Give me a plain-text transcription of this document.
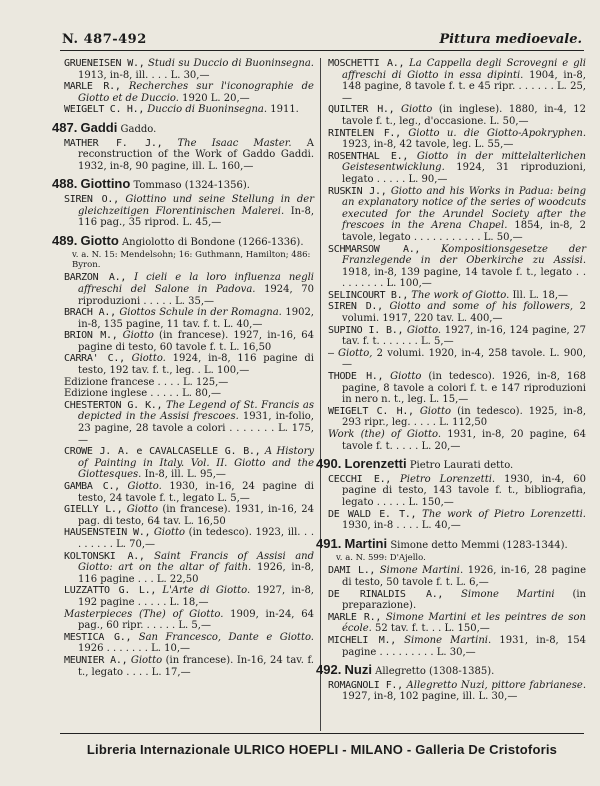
N. 487-492	Pittura medioevale.
GRUENEISEN W., Studi su Duccio di Buoninsegna. 1913, in-8, ill. . . . L. 30,—
MARLE R., Recherches sur l'iconographie de Giotto et de Duccio. 1920 L. 20,—
WEIGELT C. H., Duccio di Buoninsegna. 1911.
487. Gaddi Gaddo.
MATHER F. J., The Isaac Master. A reconstruction of the Work of Gaddo Gaddi. 1932, in-8, 90 pagine, ill. L. 160,—
488. Giottino Tommaso (1324-1356).
SIREN O., Giottino und seine Stellung in der gleichzeitigen Florentinischen Malerei. In-8, 116 pag., 35 riprod. L. 45,—
489. Giotto Angiolotto di Bondone (1266-1336).
v. a. N. 15: Mendelsohn; 16: Guthmann, Hamilton; 486: Byron.
BARZON A., I cieli e la loro influenza negli affreschi del Salone in Padova. 1924, 70 riproduzioni . . . . . L. 35,—
BRACH A., Giottos Schule in der Romagna. 1902, in-8, 135 pagine, 11 tav. f. t. L. 40,—
BRION M., Giotto (in francese). 1927, in-16, 64 pagine di testo, 60 tavole f. t. L. 16,50
CARRA' C., Giotto. 1924, in-8, 116 pagine di testo, 192 tav. f. t., leg. . L. 100,—
Edizione francese . . . . L. 125,—
Edizione inglese . . . . . L. 80,—
CHESTERTON G. K., The Legend of St. Francis as depicted in the Assisi frescoes. 1931, in-folio, 23 pagine, 28 tavole a colori . . . . . . . L. 175,—
CROWE J. A. e CAVALCASELLE G. B., A History of Painting in Italy. Vol. II. Giotto and the Giottesques. In-8, ill. L. 95,—
GAMBA C., Giotto. 1930, in-16, 24 pagine di testo, 24 tavole f. t., legato L. 5,—
GIELLY L., Giotto (in francese). 1931, in-16, 24 pag. di testo, 64 tav. L. 16,50
HAUSENSTEIN W., Giotto (in tedesco). 1923, ill. . . . . . . . . L. 70,—
KOLTONSKI A., Saint Francis of Assisi and Giotto: art on the altar of faith. 1926, in-8, 116 pagine . . . L. 22,50
LUZZATTO G. L., L'Arte di Giotto. 1927, in-8, 192 pagine . . . . . L. 18,—
Masterpieces (The) of Giotto. 1909, in-24, 64 pag., 60 ripr. . . . . . L. 5,—
MESTICA G., San Francesco, Dante e Giotto. 1926 . . . . . . . L. 10,—
MEUNIER A., Giotto (in francese). In-16, 24 tav. f. t., legato . . . . L. 17,—
MOSCHETTI A., La Cappella degli Scrovegni e gli affreschi di Giotto in essa dipinti. 1904, in-8, 148 pagine, 8 tavole f. t. e 45 ripr. . . . . . . L. 25,—
QUILTER H., Giotto (in inglese). 1880, in-4, 12 tavole f. t., leg., d'occasione. L. 50,—
RINTELEN F., Giotto u. die Giotto-Apokryphen. 1923, in-8, 42 tavole, leg. L. 55,—
ROSENTHAL E., Giotto in der mittelalterlichen Geistesentwicklung. 1924, 31 riproduzioni, legato . . . . . L. 90,—
RUSKIN J., Giotto and his Works in Padua: being an explanatory notice of the series of woodcuts executed for the Arundel Society after the frescoes in the Arena Chapel. 1854, in-8, 2 tavole, legato . . . . . . . . . . . L. 50,—
SCHMARSOW A., Kompositionsgesetze der Franzlegende in der Oberkirche zu Assisi. 1918, in-8, 139 pagine, 14 tavole f. t., legato . . . . . . . . . L. 100,—
SELINCOURT B., The work of Giotto. Ill. L. 18,—
SIREN D., Giotto and some of his followers, 2 volumi. 1917, 220 tav. L. 400,—
SUPINO I. B., Giotto. 1927, in-16, 124 pagine, 27 tav. f. t. . . . . . . L. 5,—
— Giotto, 2 volumi. 1920, in-4, 258 tavole. L. 900,—
THODE H., Giotto (in tedesco). 1926, in-8, 168 pagine, 8 tavole a colori f. t. e 147 riproduzioni in nero n. t., leg. L. 15,—
WEIGELT C. H., Giotto (in tedesco). 1925, in-8, 293 ripr., leg. . . . . L. 112,50
Work (the) of Giotto. 1931, in-8, 20 pagine, 64 tavole f. t. . . . . L. 20,—
490. Lorenzetti Pietro Laurati detto.
CECCHI E., Pietro Lorenzetti. 1930, in-4, 60 pagine di testo, 143 tavole f. t., bibliografia, legato . . . . . L. 150,—
DE WALD E. T., The work of Pietro Lorenzetti. 1930, in-8 . . . . L. 40,—
491. Martini Simone detto Memmi (1283-1344).
v. a. N. 599: D'Ajello.
DAMI L., Simone Martini. 1926, in-16, 28 pagine di testo, 50 tavole f. t. L. 6,—
DE RINALDIS A., Simone Martini (in preparazione).
MARLE R., Simone Martini et les peintres de son école. 52 tav. f. t. . . L. 150,—
MICHELI M., Simone Martini. 1931, in-8, 154 pagine . . . . . . . . . L. 30,—
492. Nuzi Allegretto (1308-1385).
ROMAGNOLI F., Allegretto Nuzi, pittore fabrianese. 1927, in-8, 102 pagine, ill. L. 30,—
Libreria Internazionale ULRICO HOEPLI - MILANO - Galleria De Cristoforis
